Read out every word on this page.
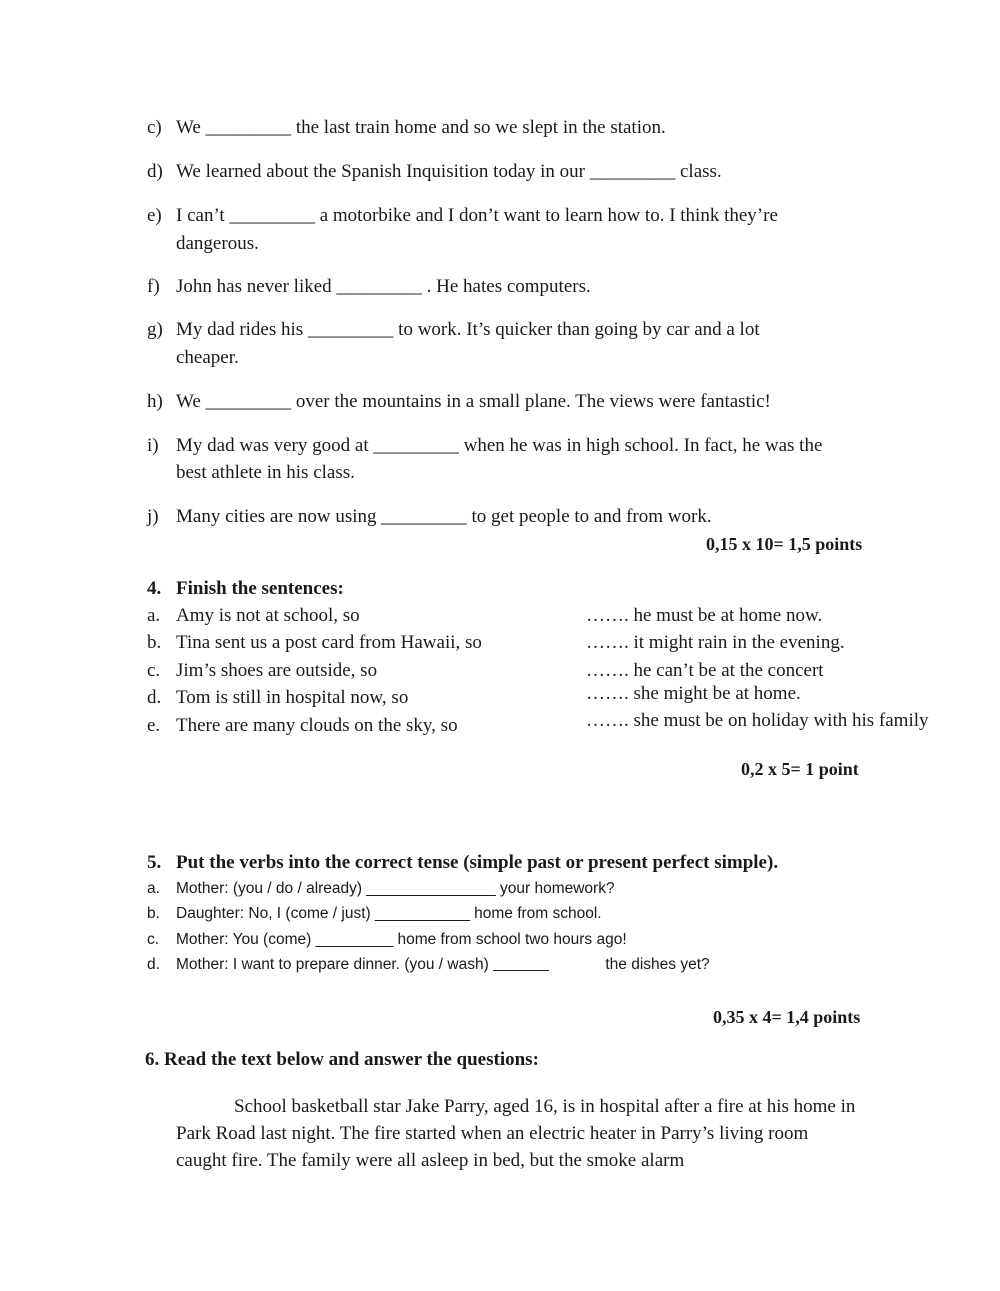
c) We _________ the last train home and so we slept in the station.
d) We learned about the Spanish Inquisition today in our _________ class.
e) I can’t _________ a motorbike and I don’t want to learn how to. I think they’re
dangerous.
f) John has never liked _________ . He hates computers.
g) My dad rides his _________ to work. It’s quicker than going by car and a lot
cheaper.
h) We _________ over the mountains in a small plane. The views were fantastic!
i) My dad was very good at _________ when he was in high school. In fact, he was the
best athlete in his class.
j) Many cities are now using _________ to get people to and from work.
0,15 x 10= 1,5 points
4. Finish the sentences:
a. Amy is not at school, so
b. Tina sent us a post card from Hawaii, so
c. Jim’s shoes are outside, so
d. Tom is still in hospital now, so
e. There are many clouds on the sky, so
……. he must be at home now.
……. it might rain in the evening.
……. he can’t be at the concert
……. she might be at home.
……. she must be on holiday with his family
0,2 x 5= 1 point
5. Put the verbs into the correct tense (simple past or present perfect simple).
a. Mother: (you / do / already) _______________ your homework?
b. Daughter: No, I (come / just) ___________ home from school.
c. Mother: You (come) _________ home from school two hours ago!
d. Mother: I want to prepare dinner. (you / wash)	the dishes yet?
0,35 x 4= 1,4 points
6. Read the text below and answer the questions:
School basketball star Jake Parry, aged 16, is in hospital after a fire at his home in Park Road last night. The fire started when an electric heater in Parry’s living room caught fire. The family were all asleep in bed, but the smoke alarm
